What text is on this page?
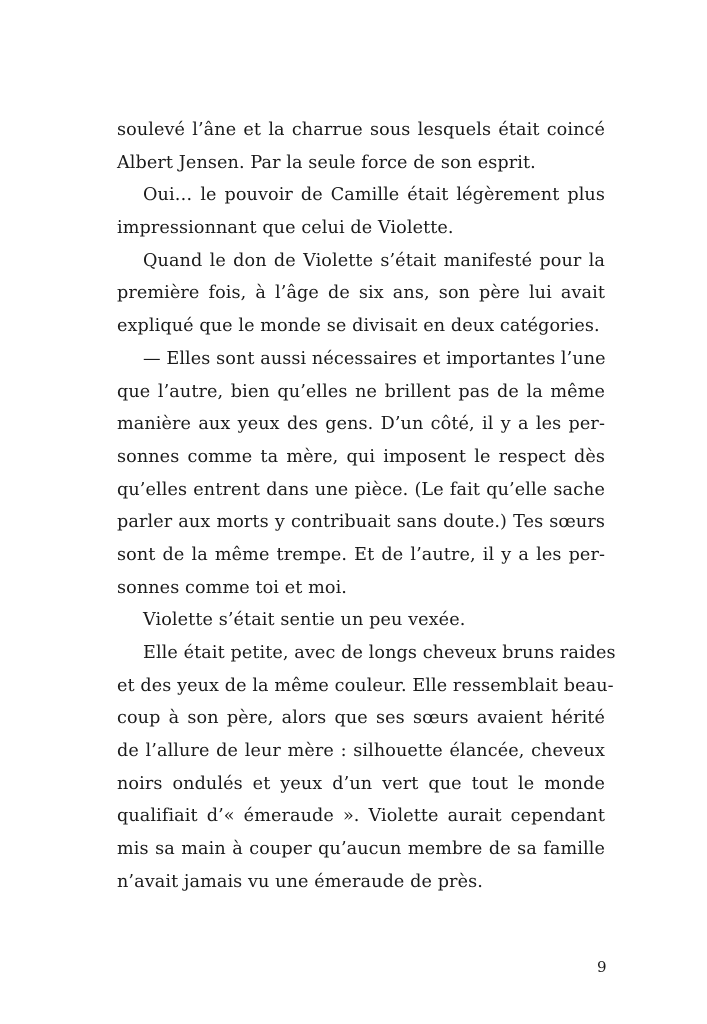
soulevé l’âne et la charrue sous lesquels était coincé
Albert Jensen. Par la seule force de son esprit.
Oui… le pouvoir de Camille était légèrement plus
impressionnant que celui de Violette.
Quand le don de Violette s’était manifesté pour la
première fois, à l’âge de six ans, son père lui avait
expliqué que le monde se divisait en deux catégories.
— Elles sont aussi nécessaires et importantes l’une
que l’autre, bien qu’elles ne brillent pas de la même
manière aux yeux des gens. D’un côté, il y a les per-
sonnes comme ta mère, qui imposent le respect dès
qu’elles entrent dans une pièce. (Le fait qu’elle sache
parler aux morts y contribuait sans doute.) Tes sœurs
sont de la même trempe. Et de l’autre, il y a les per-
sonnes comme toi et moi.
Violette s’était sentie un peu vexée.
Elle était petite, avec de longs cheveux bruns raides
et des yeux de la même couleur. Elle ressemblait beau-
coup à son père, alors que ses sœurs avaient hérité
de l’allure de leur mère : silhouette élancée, cheveux
noirs ondulés et yeux d’un vert que tout le monde
qualifiait d’« émeraude ». Violette aurait cependant
mis sa main à couper qu’aucun membre de sa famille
n’avait jamais vu une émeraude de près.
9
